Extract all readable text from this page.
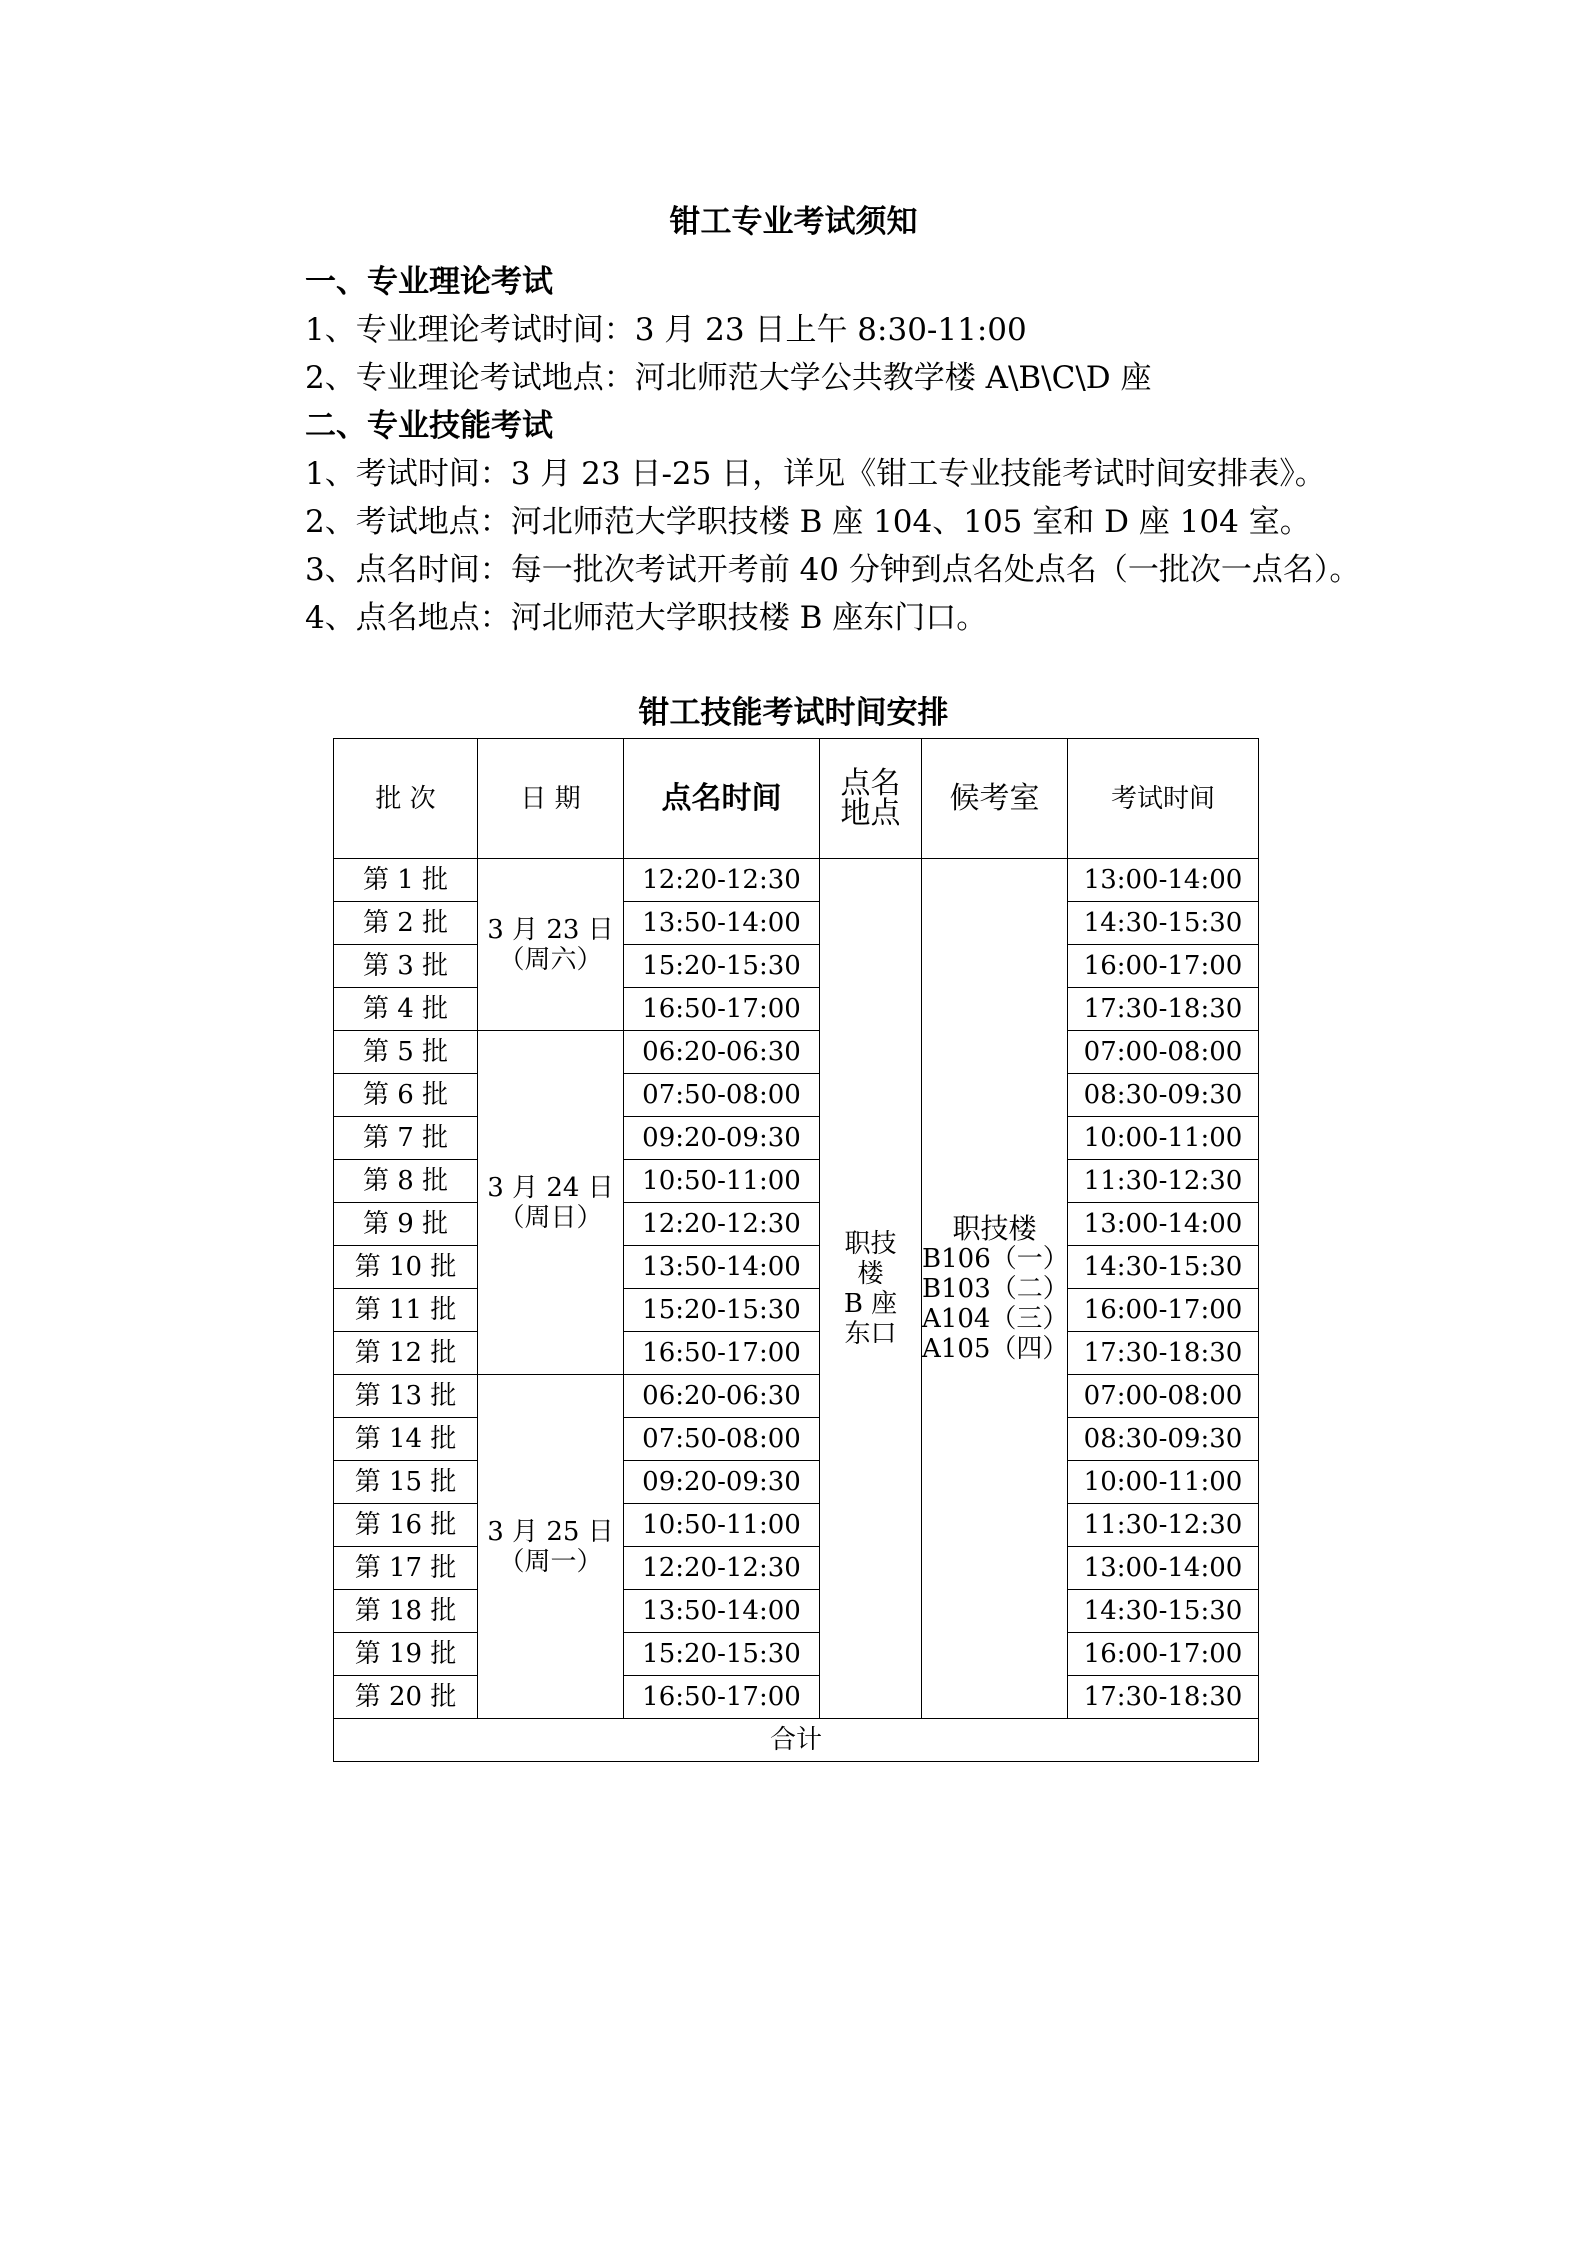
钳工专业考试须知
一、专业理论考试
1、专业理论考试时间：3 月 23 日上午 8:30-11:00
2、专业理论考试地点：河北师范大学公共教学楼 A\B\C\D 座
二、专业技能考试
1、考试时间：3 月 23 日-25 日，详见《钳工专业技能考试时间安排表》。
2、考试地点：河北师范大学职技楼 B 座 104、105 室和 D 座 104 室。
3、点名时间：每一批次考试开考前 40 分钟到点名处点名（一批次一点名）。
4、点名地点：河北师范大学职技楼 B 座东门口。
钳工技能考试时间安排
批 次	日 期	点名时间	点名
地点	候考室	考试时间
第 1 批	3 月 23 日
（周六）	12:20-12:30	职技
楼
B 座
东口	职技楼
B106（一）
B103（二）
A104（三）
A105（四）	13:00-14:00
第 2 批		13:50-14:00			14:30-15:30
第 3 批		15:20-15:30			16:00-17:00
第 4 批		16:50-17:00			17:30-18:30
第 5 批	3 月 24 日
（周日）	06:20-06:30			07:00-08:00
第 6 批		07:50-08:00			08:30-09:30
第 7 批		09:20-09:30			10:00-11:00
第 8 批		10:50-11:00			11:30-12:30
第 9 批		12:20-12:30			13:00-14:00
第 10 批		13:50-14:00			14:30-15:30
第 11 批		15:20-15:30			16:00-17:00
第 12 批		16:50-17:00			17:30-18:30
第 13 批	3 月 25 日
（周一）	06:20-06:30			07:00-08:00
第 14 批		07:50-08:00			08:30-09:30
第 15 批		09:20-09:30			10:00-11:00
第 16 批		10:50-11:00			11:30-12:30
第 17 批		12:20-12:30			13:00-14:00
第 18 批		13:50-14:00			14:30-15:30
第 19 批		15:20-15:30			16:00-17:00
第 20 批		16:50-17:00			17:30-18:30
合计					
